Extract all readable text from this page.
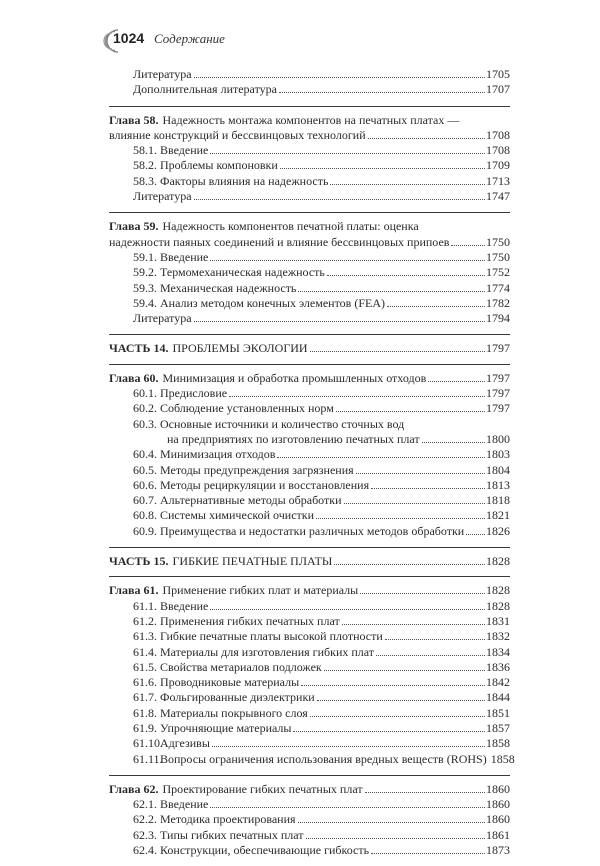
1024 Содержание
Литература	1705
Дополнительная литература	1707
Глава 58. Надежность монтажа компонентов на печатных платах —
влияние конструкций и бессвинцовых технологий	1708
58.1. Введение	1708
58.2. Проблемы компоновки	1709
58.3. Факторы влияния на надежность	1713
Литература	1747
Глава 59. Надежность компонентов печатной платы: оценка
надежности паяных соединений и влияние бессвинцовых припоев	1750
59.1. Введение	1750
59.2. Термомеханическая надежность	1752
59.3. Механическая надежность	1774
59.4. Анализ методом конечных элементов (FEA)	1782
Литература	1794
ЧАСТЬ 14. ПРОБЛЕМЫ ЭКОЛОГИИ	1797
Глава 60. Минимизация и обработка промышленных отходов	1797
60.1. Предисловие	1797
60.2. Соблюдение установленных норм	1797
60.3. Основные источники и количество сточных вод
на предприятиях по изготовлению печатных плат	1800
60.4. Минимизация отходов	1803
60.5. Методы предупреждения загрязнения	1804
60.6. Методы рециркуляции и восстановления	1813
60.7. Альтернативные методы обработки	1818
60.8. Системы химической очистки	1821
60.9. Преимущества и недостатки различных методов обработки 1826
ЧАСТЬ 15. ГИБКИЕ ПЕЧАТНЫЕ ПЛАТЫ	1828
Глава 61. Применение гибких плат и материалы	1828
61.1. Введение	1828
61.2. Применения гибких печатных плат	1831
61.3. Гибкие печатные платы высокой плотности	1832
61.4. Материалы для изготовления гибких плат	1834
61.5. Свойства метариалов подложек	1836
61.6. Проводниковые материалы	1842
61.7. Фольгированные диэлектрики	1844
61.8. Материалы покрывного слоя	1851
61.9. Упрочняющие материалы	1857
61.10.Адгезивы	1858
61.11.Вопросы ограничения использования вредных веществ (ROHS) 1858
Глава 62. Проектирование гибких печатных плат	1860
62.1. Введение	1860
62.2. Методика проектирования	1860
62.3. Типы гибких печатных плат	1861
62.4. Конструкции, обеспечивающие гибкость	1873
